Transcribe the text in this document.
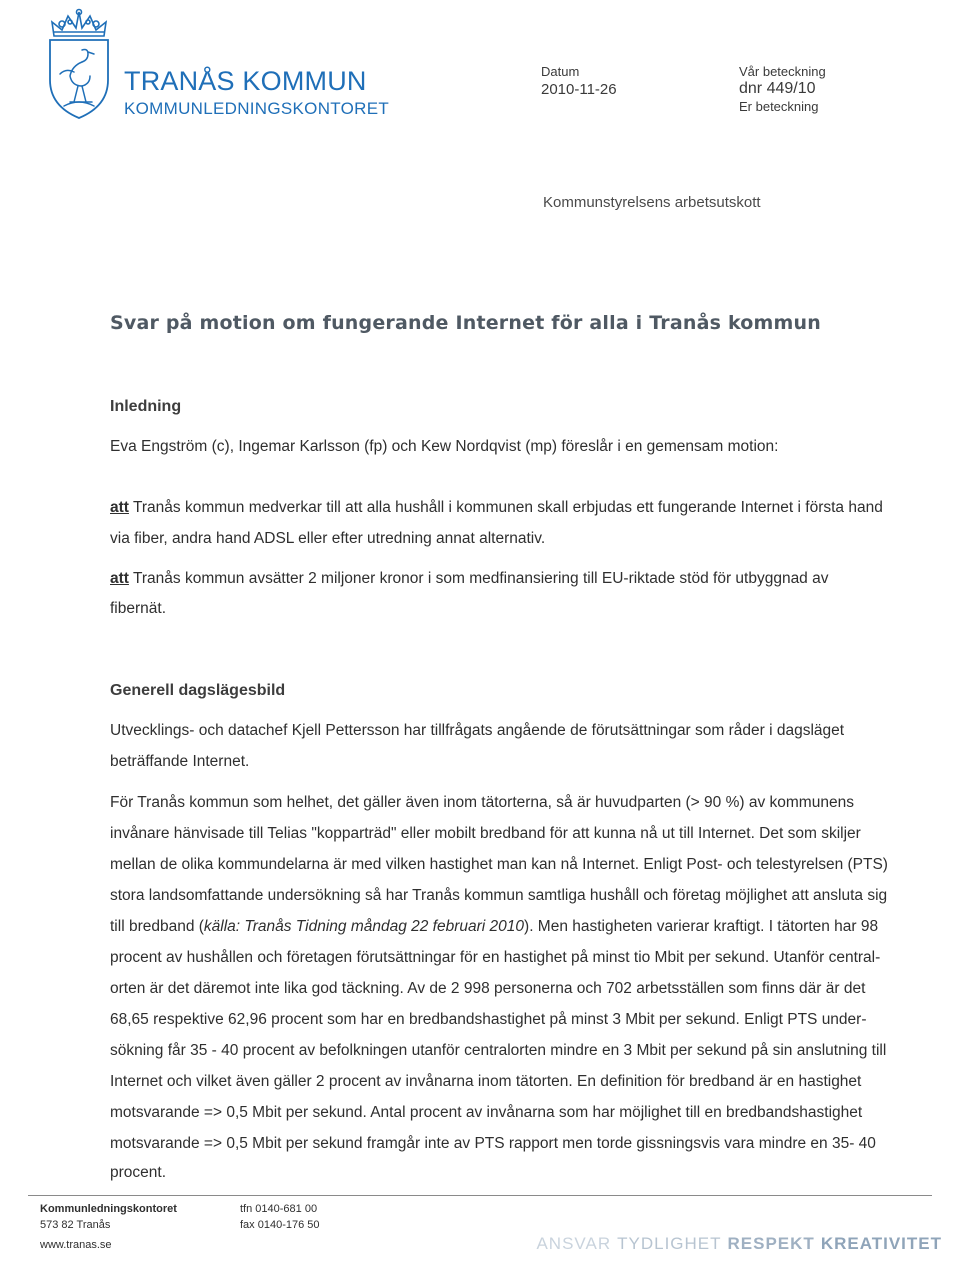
TRANÅS KOMMUN
KOMMUNLEDNINGSKONTORET
Datum
2010-11-26
Vår beteckning
dnr 449/10
Er beteckning
Kommunstyrelsens arbetsutskott
Svar på motion om fungerande Internet för alla i Tranås kommun
Inledning
Eva Engström (c), Ingemar Karlsson (fp) och Kew Nordqvist (mp) föreslår i en gemensam motion:
att Tranås kommun medverkar till att alla hushåll i kommunen skall erbjudas ett fungerande Internet i första hand
via fiber, andra hand ADSL eller efter utredning annat alternativ.
att Tranås kommun avsätter 2 miljoner kronor i som medfinansiering till EU-riktade stöd för utbyggnad av
fibernät.
Generell dagslägesbild
Utvecklings- och datachef Kjell Pettersson har tillfrågats angående de förutsättningar som råder i dagsläget
beträffande Internet.
För Tranås kommun som helhet, det gäller även inom tätorterna, så är huvudparten (> 90 %) av kommunens
invånare hänvisade till Telias "kopparträd" eller mobilt bredband för att kunna nå ut till Internet. Det som skiljer
mellan de olika kommundelarna är med vilken hastighet man kan nå Internet. Enligt Post- och telestyrelsen (PTS)
stora landsomfattande undersökning så har Tranås kommun samtliga hushåll och företag möjlighet att ansluta sig
till bredband (källa: Tranås Tidning måndag 22 februari 2010). Men hastigheten varierar kraftigt. I tätorten har 98
procent av hushållen och företagen förutsättningar för en hastighet på minst tio Mbit per sekund. Utanför central-
orten är det däremot inte lika god täckning. Av de 2 998 personerna och 702 arbetsställen som finns där är det
68,65 respektive 62,96 procent som har en bredbandshastighet på minst 3 Mbit per sekund. Enligt PTS under-
sökning får 35 - 40 procent av befolkningen utanför centralorten mindre en 3 Mbit per sekund på sin anslutning till
Internet och vilket även gäller 2 procent av invånarna inom tätorten. En definition för bredband är en hastighet
motsvarande => 0,5 Mbit per sekund. Antal procent av invånarna som har möjlighet till en bredbandshastighet
motsvarande => 0,5 Mbit per sekund framgår inte av PTS rapport men torde gissningsvis vara mindre en 35- 40
procent.
Kommunledningskontoret
573 82 Tranås
www.tranas.se
tfn 0140-681 00
fax 0140-176 50
ANSVAR TYDLIGHET RESPEKT KREATIVITET
